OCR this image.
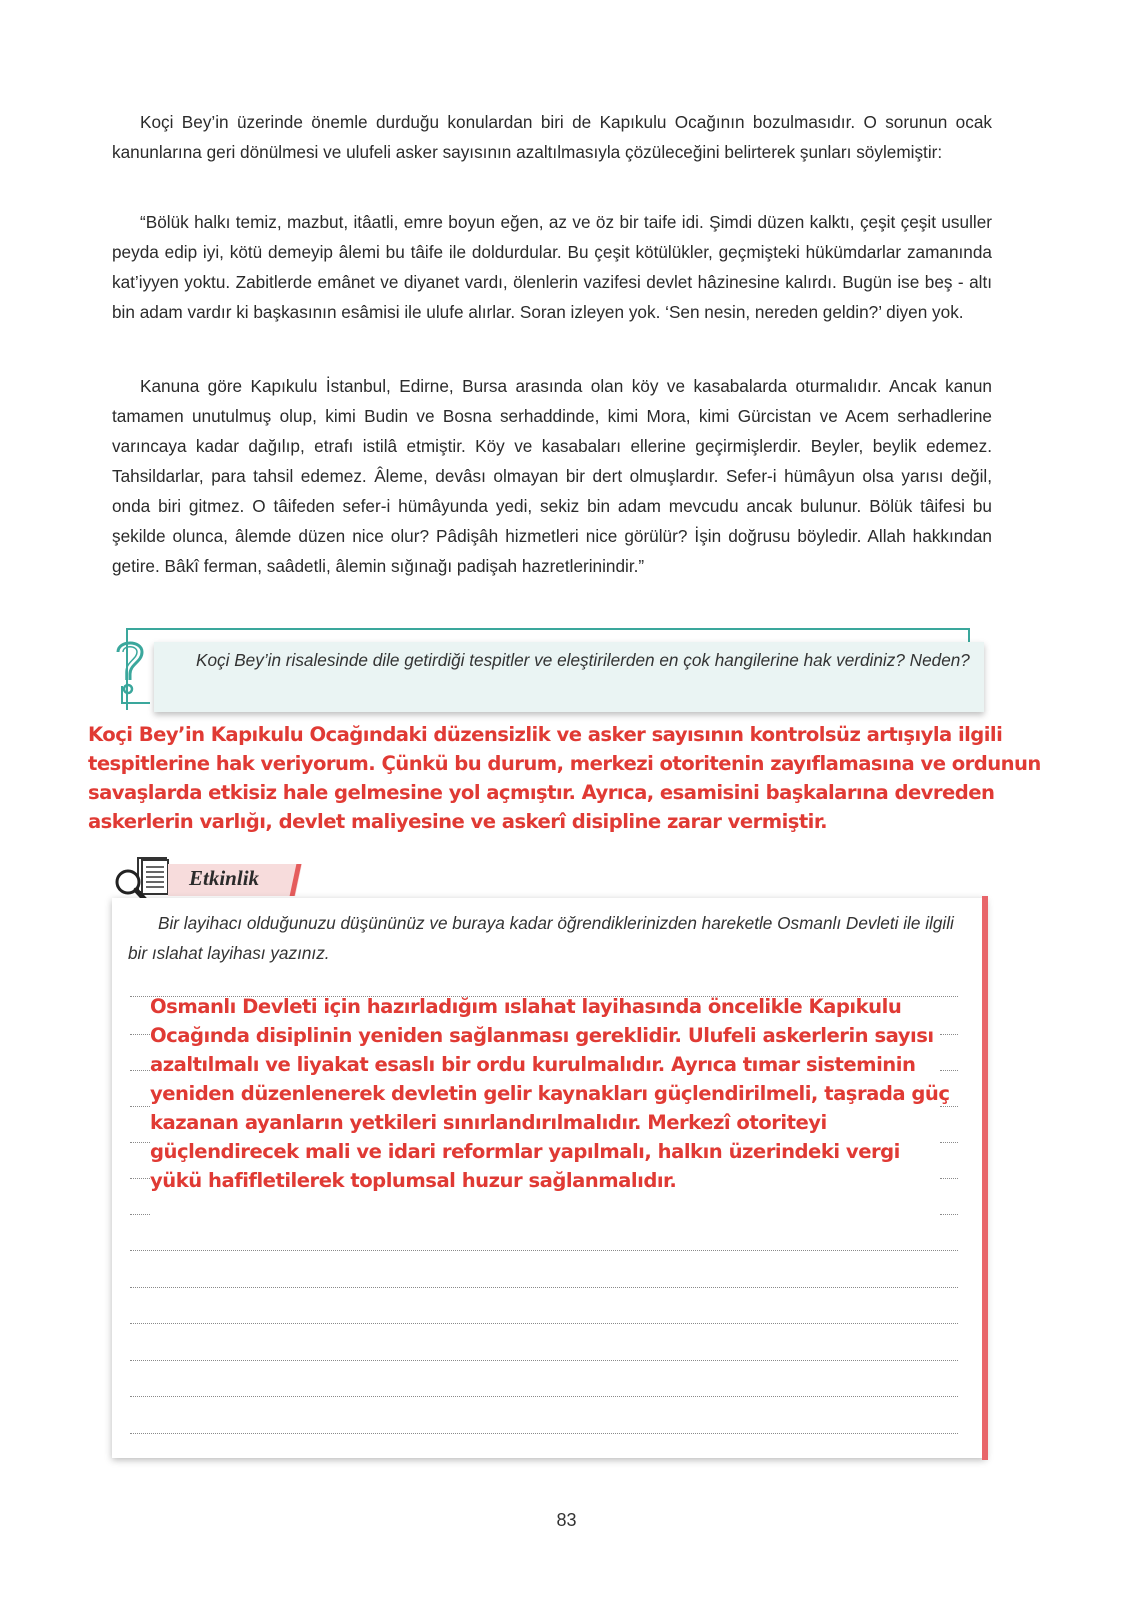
Koçi Bey’in üzerinde önemle durduğu konulardan biri de Kapıkulu Ocağının bozulmasıdır. O sorunun ocak kanunlarına geri dönülmesi ve ulufeli asker sayısının azaltılmasıyla çözüleceğini belirterek şunları söylemiştir:

“Bölük halkı temiz, mazbut, itâatli, emre boyun eğen, az ve öz bir taife idi. Şimdi düzen kalktı, çeşit çeşit usuller peyda edip iyi, kötü demeyip âlemi bu tâife ile doldurdular. Bu çeşit kötülükler, geçmişteki hükümdarlar zamanında kat’iyyen yoktu. Zabitlerde emânet ve diyanet vardı, ölenlerin vazifesi devlet hâzinesine kalırdı. Bugün ise beş - altı bin adam vardır ki başkasının esâmisi ile ulufe alırlar. Soran izleyen yok. ‘Sen nesin, nereden geldin?’ diyen yok.

Kanuna göre Kapıkulu İstanbul, Edirne, Bursa arasında olan köy ve kasabalarda oturmalıdır. Ancak kanun tamamen unutulmuş olup, kimi Budin ve Bosna serhaddinde, kimi Mora, kimi Gürcistan ve Acem serhadlerine varıncaya kadar dağılıp, etrafı istilâ etmiştir. Köy ve kasabaları ellerine geçirmişlerdir. Beyler, beylik edemez. Tahsildarlar, para tahsil edemez. Âleme, devâsı olmayan bir dert olmuşlardır. Sefer-i hümâyun olsa yarısı değil, onda biri gitmez. O tâifeden sefer-i hümâyunda yedi, sekiz bin adam mevcudu ancak bulunur. Bölük tâifesi bu şekilde olunca, âlemde düzen nice olur? Pâdişâh hizmetleri nice görülür? İşin doğrusu böyledir. Allah hakkından getire. Bâkî ferman, saâdetli, âlemin sığınağı padişah hazretlerinindir.”

Koçi Bey’in risalesinde dile getirdiği tespitler ve eleştirilerden en çok hangilerine hak verdiniz? Neden?

Koçi Bey’in Kapıkulu Ocağındaki düzensizlik ve asker sayısının kontrolsüz artışıyla ilgili tespitlerine hak veriyorum. Çünkü bu durum, merkezi otoritenin zayıflamasına ve ordunun savaşlarda etkisiz hale gelmesine yol açmıştır. Ayrıca, esamisini başkalarına devreden askerlerin varlığı, devlet maliyesine ve askerî disipline zarar vermiştir.

Etkinlik

Bir layihacı olduğunuzu düşününüz ve buraya kadar öğrendiklerinizden hareketle Osmanlı Devleti ile ilgili bir ıslahat layihası yazınız.

Osmanlı Devleti için hazırladığım ıslahat layihasında öncelikle Kapıkulu Ocağında disiplinin yeniden sağlanması gereklidir. Ulufeli askerlerin sayısı azaltılmalı ve liyakat esaslı bir ordu kurulmalıdır. Ayrıca tımar sisteminin yeniden düzenlenerek devletin gelir kaynakları güçlendirilmeli, taşrada güç kazanan ayanların yetkileri sınırlandırılmalıdır. Merkezî otoriteyi güçlendirecek mali ve idari reformlar yapılmalı, halkın üzerindeki vergi yükü hafifletilerek toplumsal huzur sağlanmalıdır.

83
